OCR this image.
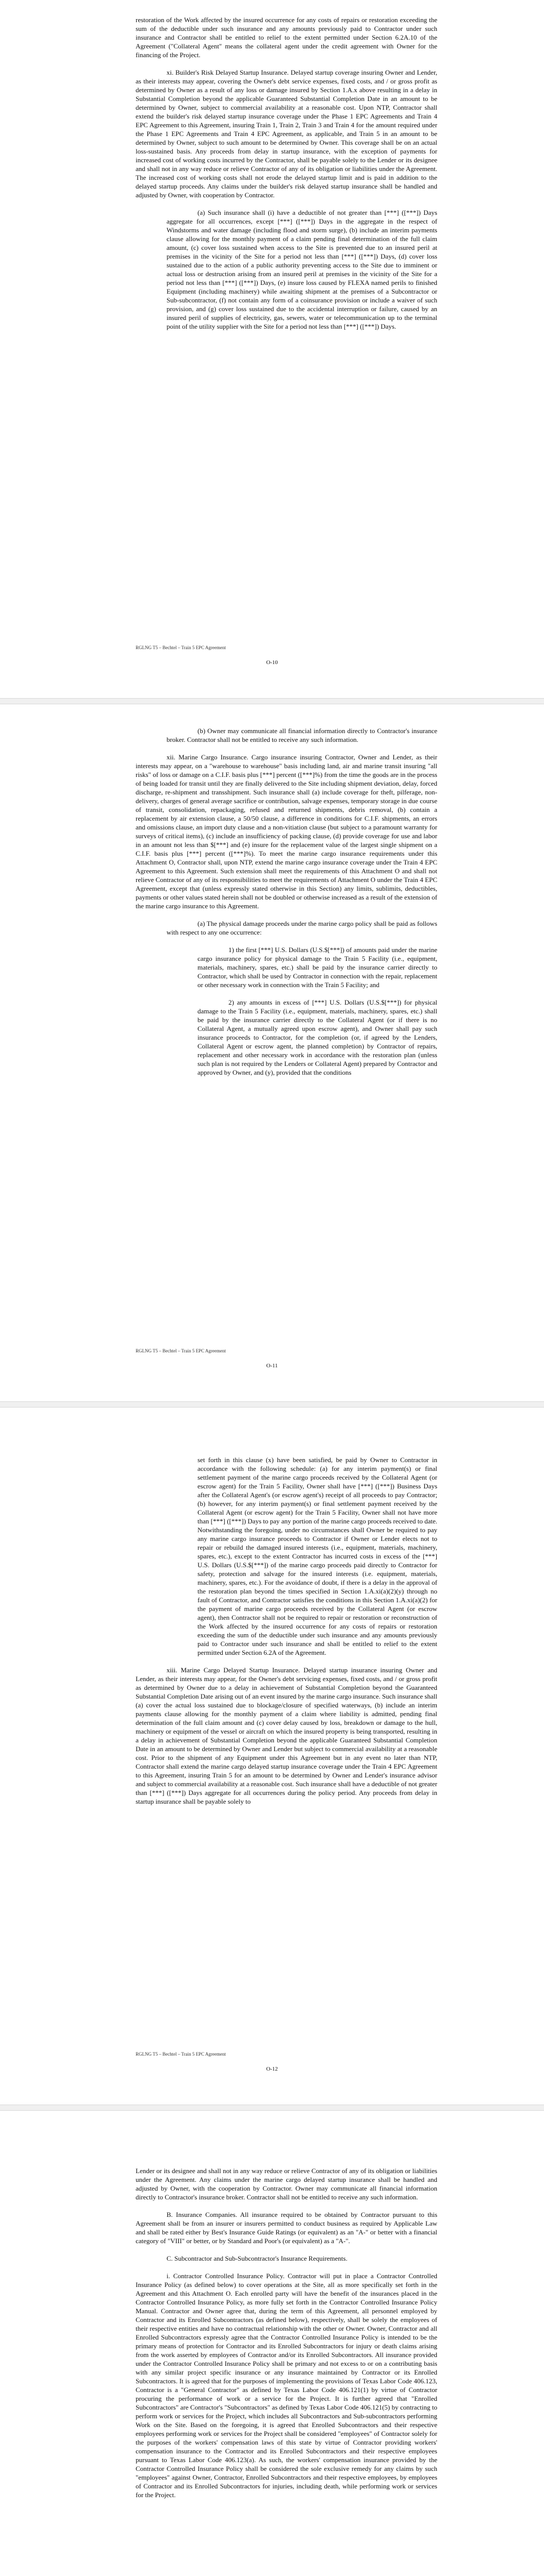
restoration of the Work affected by the insured occurrence for any costs of repairs or restoration exceeding the sum of the deductible under such insurance and any amounts previously paid to Contractor under such insurance and Contractor shall be entitled to relief to the extent permitted under Section 6.2A.10 of the Agreement ("Collateral Agent" means the collateral agent under the credit agreement with Owner for the financing of the Project.

xi. Builder's Risk Delayed Startup Insurance. Delayed startup coverage insuring Owner and Lender, as their interests may appear, covering the Owner's debt service expenses, fixed costs, and / or gross profit as determined by Owner as a result of any loss or damage insured by Section 1.A.x above resulting in a delay in Substantial Completion beyond the applicable Guaranteed Substantial Completion Date in an amount to be determined by Owner, subject to commercial availability at a reasonable cost. Upon NTP, Contractor shall extend the builder's risk delayed startup insurance coverage under the Phase 1 EPC Agreements and Train 4 EPC Agreement to this Agreement, insuring Train 1, Train 2, Train 3 and Train 4 for the amount required under the Phase 1 EPC Agreements and Train 4 EPC Agreement, as applicable, and Train 5 in an amount to be determined by Owner, subject to such amount to be determined by Owner. This coverage shall be on an actual loss-sustained basis. Any proceeds from delay in startup insurance, with the exception of payments for increased cost of working costs incurred by the Contractor, shall be payable solely to the Lender or its designee and shall not in any way reduce or relieve Contractor of any of its obligation or liabilities under the Agreement. The increased cost of working costs shall not erode the delayed startup limit and is paid in addition to the delayed startup proceeds. Any claims under the builder's risk delayed startup insurance shall be handled and adjusted by Owner, with cooperation by Contractor.

(a) Such insurance shall (i) have a deductible of not greater than [***] ([***]) Days aggregate for all occurrences, except [***] ([***]) Days in the aggregate in the respect of Windstorms and water damage (including flood and storm surge), (b) include an interim payments clause allowing for the monthly payment of a claim pending final determination of the full claim amount, (c) cover loss sustained when access to the Site is prevented due to an insured peril at premises in the vicinity of the Site for a period not less than [***] ([***]) Days, (d) cover loss sustained due to the action of a public authority preventing access to the Site due to imminent or actual loss or destruction arising from an insured peril at premises in the vicinity of the Site for a period not less than [***] ([***]) Days, (e) insure loss caused by FLEXA named perils to finished Equipment (including machinery) while awaiting shipment at the premises of a Subcontractor or Sub-subcontractor, (f) not contain any form of a coinsurance provision or include a waiver of such provision, and (g) cover loss sustained due to the accidental interruption or failure, caused by an insured peril of supplies of electricity, gas, sewers, water or telecommunication up to the terminal point of the utility supplier with the Site for a period not less than [***] ([***]) Days.

RGLNG T5 – Bechtel – Train 5 EPC Agreement
O-10

(b) Owner may communicate all financial information directly to Contractor's insurance broker. Contractor shall not be entitled to receive any such information.

xii. Marine Cargo Insurance. Cargo insurance insuring Contractor, Owner and Lender, as their interests may appear, on a "warehouse to warehouse" basis including land, air and marine transit insuring "all risks" of loss or damage on a C.I.F. basis plus [***] percent ([***]%) from the time the goods are in the process of being loaded for transit until they are finally delivered to the Site including shipment deviation, delay, forced discharge, re-shipment and transshipment. Such insurance shall (a) include coverage for theft, pilferage, non-delivery, charges of general average sacrifice or contribution, salvage expenses, temporary storage in due course of transit, consolidation, repackaging, refused and returned shipments, debris removal, (b) contain a replacement by air extension clause, a 50/50 clause, a difference in conditions for C.I.F. shipments, an errors and omissions clause, an import duty clause and a non-vitiation clause (but subject to a paramount warranty for surveys of critical items), (c) include an insufficiency of packing clause, (d) provide coverage for use and labor in an amount not less than $[***] and (e) insure for the replacement value of the largest single shipment on a C.I.F. basis plus [***] percent ([***]%). To meet the marine cargo insurance requirements under this Attachment O, Contractor shall, upon NTP, extend the marine cargo insurance coverage under the Train 4 EPC Agreement to this Agreement. Such extension shall meet the requirements of this Attachment O and shall not relieve Contractor of any of its responsibilities to meet the requirements of Attachment O under the Train 4 EPC Agreement, except that (unless expressly stated otherwise in this Section) any limits, sublimits, deductibles, payments or other values stated herein shall not be doubled or otherwise increased as a result of the extension of the marine cargo insurance to this Agreement.

(a) The physical damage proceeds under the marine cargo policy shall be paid as follows with respect to any one occurrence:

1) the first [***] U.S. Dollars (U.S.$[***]) of amounts paid under the marine cargo insurance policy for physical damage to the Train 5 Facility (i.e., equipment, materials, machinery, spares, etc.) shall be paid by the insurance carrier directly to Contractor, which shall be used by Contractor in connection with the repair, replacement or other necessary work in connection with the Train 5 Facility; and

2) any amounts in excess of [***] U.S. Dollars (U.S.$[***]) for physical damage to the Train 5 Facility (i.e., equipment, materials, machinery, spares, etc.) shall be paid by the insurance carrier directly to the Collateral Agent (or if there is no Collateral Agent, a mutually agreed upon escrow agent), and Owner shall pay such insurance proceeds to Contractor, for the completion (or, if agreed by the Lenders, Collateral Agent or escrow agent, the planned completion) by Contractor of repairs, replacement and other necessary work in accordance with the restoration plan (unless such plan is not required by the Lenders or Collateral Agent) prepared by Contractor and approved by Owner, and (y), provided that the conditions

RGLNG T5 – Bechtel – Train 5 EPC Agreement
O-11

set forth in this clause (x) have been satisfied, be paid by Owner to Contractor in accordance with the following schedule: (a) for any interim payment(s) or final settlement payment of the marine cargo proceeds received by the Collateral Agent (or escrow agent) for the Train 5 Facility, Owner shall have [***] ([***]) Business Days after the Collateral Agent's (or escrow agent's) receipt of all proceeds to pay Contractor; (b) however, for any interim payment(s) or final settlement payment received by the Collateral Agent (or escrow agent) for the Train 5 Facility, Owner shall not have more than [***] ([***]) Days to pay any portion of the marine cargo proceeds received to date. Notwithstanding the foregoing, under no circumstances shall Owner be required to pay any marine cargo insurance proceeds to Contractor if Owner or Lender elects not to repair or rebuild the damaged insured interests (i.e., equipment, materials, machinery, spares, etc.), except to the extent Contractor has incurred costs in excess of the [***] U.S. Dollars (U.S.$[***]) of the marine cargo proceeds paid directly to Contractor for safety, protection and salvage for the insured interests (i.e. equipment, materials, machinery, spares, etc.). For the avoidance of doubt, if there is a delay in the approval of the restoration plan beyond the times specified in Section 1.A.xi(a)(2)(y) through no fault of Contractor, and Contractor satisfies the conditions in this Section 1.A.xi(a)(2) for the payment of marine cargo proceeds received by the Collateral Agent (or escrow agent), then Contractor shall not be required to repair or restoration or reconstruction of the Work affected by the insured occurrence for any costs of repairs or restoration exceeding the sum of the deductible under such insurance and any amounts previously paid to Contractor under such insurance and shall be entitled to relief to the extent permitted under Section 6.2A of the Agreement.

xiii. Marine Cargo Delayed Startup Insurance. Delayed startup insurance insuring Owner and Lender, as their interests may appear, for the Owner's debt servicing expenses, fixed costs, and / or gross profit as determined by Owner due to a delay in achievement of Substantial Completion beyond the Guaranteed Substantial Completion Date arising out of an event insured by the marine cargo insurance. Such insurance shall (a) cover the actual loss sustained due to blockage/closure of specified waterways, (b) include an interim payments clause allowing for the monthly payment of a claim where liability is admitted, pending final determination of the full claim amount and (c) cover delay caused by loss, breakdown or damage to the hull, machinery or equipment of the vessel or aircraft on which the insured property is being transported, resulting in a delay in achievement of Substantial Completion beyond the applicable Guaranteed Substantial Completion Date in an amount to be determined by Owner and Lender but subject to commercial availability at a reasonable cost. Prior to the shipment of any Equipment under this Agreement but in any event no later than NTP, Contractor shall extend the marine cargo delayed startup insurance coverage under the Train 4 EPC Agreement to this Agreement, insuring Train 5 for an amount to be determined by Owner and Lender's insurance advisor and subject to commercial availability at a reasonable cost. Such insurance shall have a deductible of not greater than [***] ([***]) Days aggregate for all occurrences during the policy period. Any proceeds from delay in startup insurance shall be payable solely to

RGLNG T5 – Bechtel – Train 5 EPC Agreement
O-12

Lender or its designee and shall not in any way reduce or relieve Contractor of any of its obligation or liabilities under the Agreement. Any claims under the marine cargo delayed startup insurance shall be handled and adjusted by Owner, with the cooperation by Contractor. Owner may communicate all financial information directly to Contractor's insurance broker. Contractor shall not be entitled to receive any such information.

B. Insurance Companies. All insurance required to be obtained by Contractor pursuant to this Agreement shall be from an insurer or insurers permitted to conduct business as required by Applicable Law and shall be rated either by Best's Insurance Guide Ratings (or equivalent) as an "A-" or better with a financial category of "VIII" or better, or by Standard and Poor's (or equivalent) as a "A-".

C. Subcontractor and Sub-Subcontractor's Insurance Requirements.

i. Contractor Controlled Insurance Policy. Contractor will put in place a Contractor Controlled Insurance Policy (as defined below) to cover operations at the Site, all as more specifically set forth in the Agreement and this Attachment O. Each enrolled party will have the benefit of the insurances placed in the Contractor Controlled Insurance Policy, as more fully set forth in the Contractor Controlled Insurance Policy Manual. Contractor and Owner agree that, during the term of this Agreement, all personnel employed by Contractor and its Enrolled Subcontractors (as defined below), respectively, shall be solely the employees of their respective entities and have no contractual relationship with the other or Owner. Owner, Contractor and all Enrolled Subcontractors expressly agree that the Contractor Controlled Insurance Policy is intended to be the primary means of protection for Contractor and its Enrolled Subcontractors for injury or death claims arising from the work asserted by employees of Contractor and/or its Enrolled Subcontractors. All insurance provided under the Contractor Controlled Insurance Policy shall be primary and not excess to or on a contributing basis with any similar project specific insurance or any insurance maintained by Contractor or its Enrolled Subcontractors. It is agreed that for the purposes of implementing the provisions of Texas Labor Code 406.123, Contractor is a "General Contractor" as defined by Texas Labor Code 406.121(1) by virtue of Contractor procuring the performance of work or a service for the Project. It is further agreed that "Enrolled Subcontractors" are Contractor's "Subcontractors" as defined by Texas Labor Code 406.121(5) by contracting to perform work or services for the Project, which includes all Subcontractors and Sub-subcontractors performing Work on the Site. Based on the foregoing, it is agreed that Enrolled Subcontractors and their respective employees performing work or services for the Project shall be considered "employees" of Contractor solely for the purposes of the workers' compensation laws of this state by virtue of Contractor providing workers' compensation insurance to the Contractor and its Enrolled Subcontractors and their respective employees pursuant to Texas Labor Code 406.123(a). As such, the workers' compensation insurance provided by the Contractor Controlled Insurance Policy shall be considered the sole exclusive remedy for any claims by such "employees" against Owner, Contractor, Enrolled Subcontractors and their respective employees, by employees of Contractor and its Enrolled Subcontractors for injuries, including death, while performing work or services for the Project.
